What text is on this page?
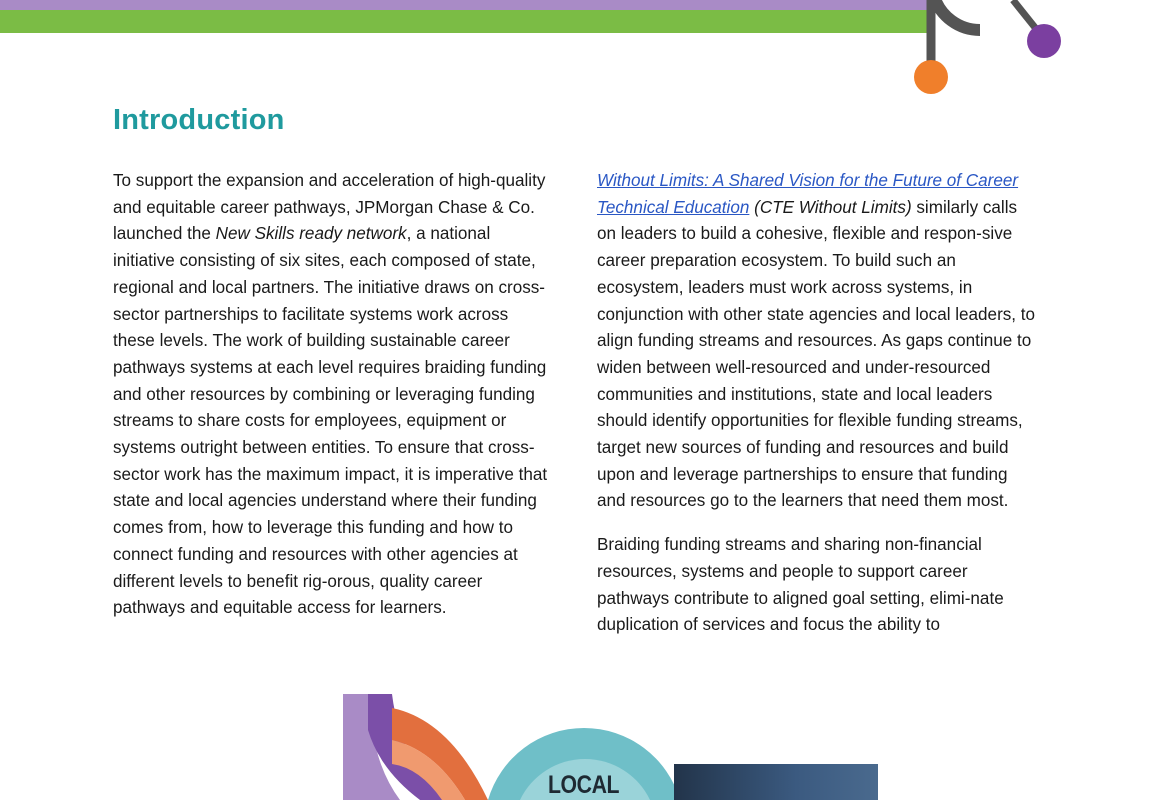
Introduction

To support the expansion and acceleration of high-quality and equitable career pathways, JPMorgan Chase & Co. launched the New Skills ready network, a national initiative consisting of six sites, each composed of state, regional and local partners. The initiative draws on cross-sector partnerships to facilitate systems work across these levels. The work of building sustainable career pathways systems at each level requires braiding funding and other resources by combining or leveraging funding streams to share costs for employees, equipment or systems outright between entities. To ensure that cross-sector work has the maximum impact, it is imperative that state and local agencies understand where their funding comes from, how to leverage this funding and how to connect funding and resources with other agencies at different levels to benefit rig-orous, quality career pathways and equitable access for learners.

Without Limits: A Shared Vision for the Future of Career Technical Education (CTE Without Limits) similarly calls on leaders to build a cohesive, flexible and respon-sive career preparation ecosystem. To build such an ecosystem, leaders must work across systems, in conjunction with other state agencies and local leaders, to align funding streams and resources. As gaps continue to widen between well-resourced and under-resourced communities and institutions, state and local leaders should identify opportunities for flexible funding streams, target new sources of funding and resources and build upon and leverage partnerships to ensure that funding and resources go to the learners that need them most.

Braiding funding streams and sharing non-financial resources, systems and people to support career pathways contribute to aligned goal setting, elimi-nate duplication of services and focus the ability to

LOCAL
